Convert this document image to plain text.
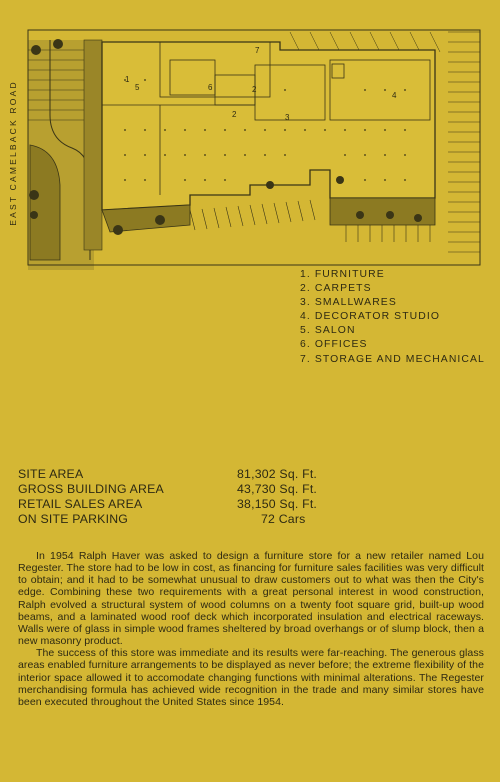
1
2
2
3
4
5	6
7
EAST CAMELBACK ROAD
1. FURNITURE
2. CARPETS
3. SMALLWARES
4. DECORATOR STUDIO
5. SALON
6. OFFICES
7. STORAGE AND MECHANICAL
SITE AREA	81,302 Sq. Ft.
GROSS BUILDING AREA	43,730 Sq. Ft.
RETAIL SALES AREA	38,150 Sq. Ft.
ON SITE PARKING	72 Cars

In 1954 Ralph Haver was asked to design a furniture store for a new retailer named Lou Regester. The store had to be low in cost, as financing for furniture sales facilities was very difficult to obtain; and it had to be somewhat unusual to draw customers out to what was then the City's edge. Combining these two requirements with a great personal interest in wood construction, Ralph evolved a structural system of wood columns on a twenty foot square grid, built-up wood beams, and a laminated wood roof deck which incorporated insulation and electrical raceways. Walls were of glass in simple wood frames sheltered by broad overhangs or of slump block, then a new masonry product.

The success of this store was immediate and its results were far-reaching. The generous glass areas enabled furniture arrangements to be displayed as never before; the extreme flexibility of the interior space allowed it to accomodate changing functions with minimal alterations. The Regester merchandising formula has achieved wide recognition in the trade and many similar stores have been executed throughout the United States since 1954.
